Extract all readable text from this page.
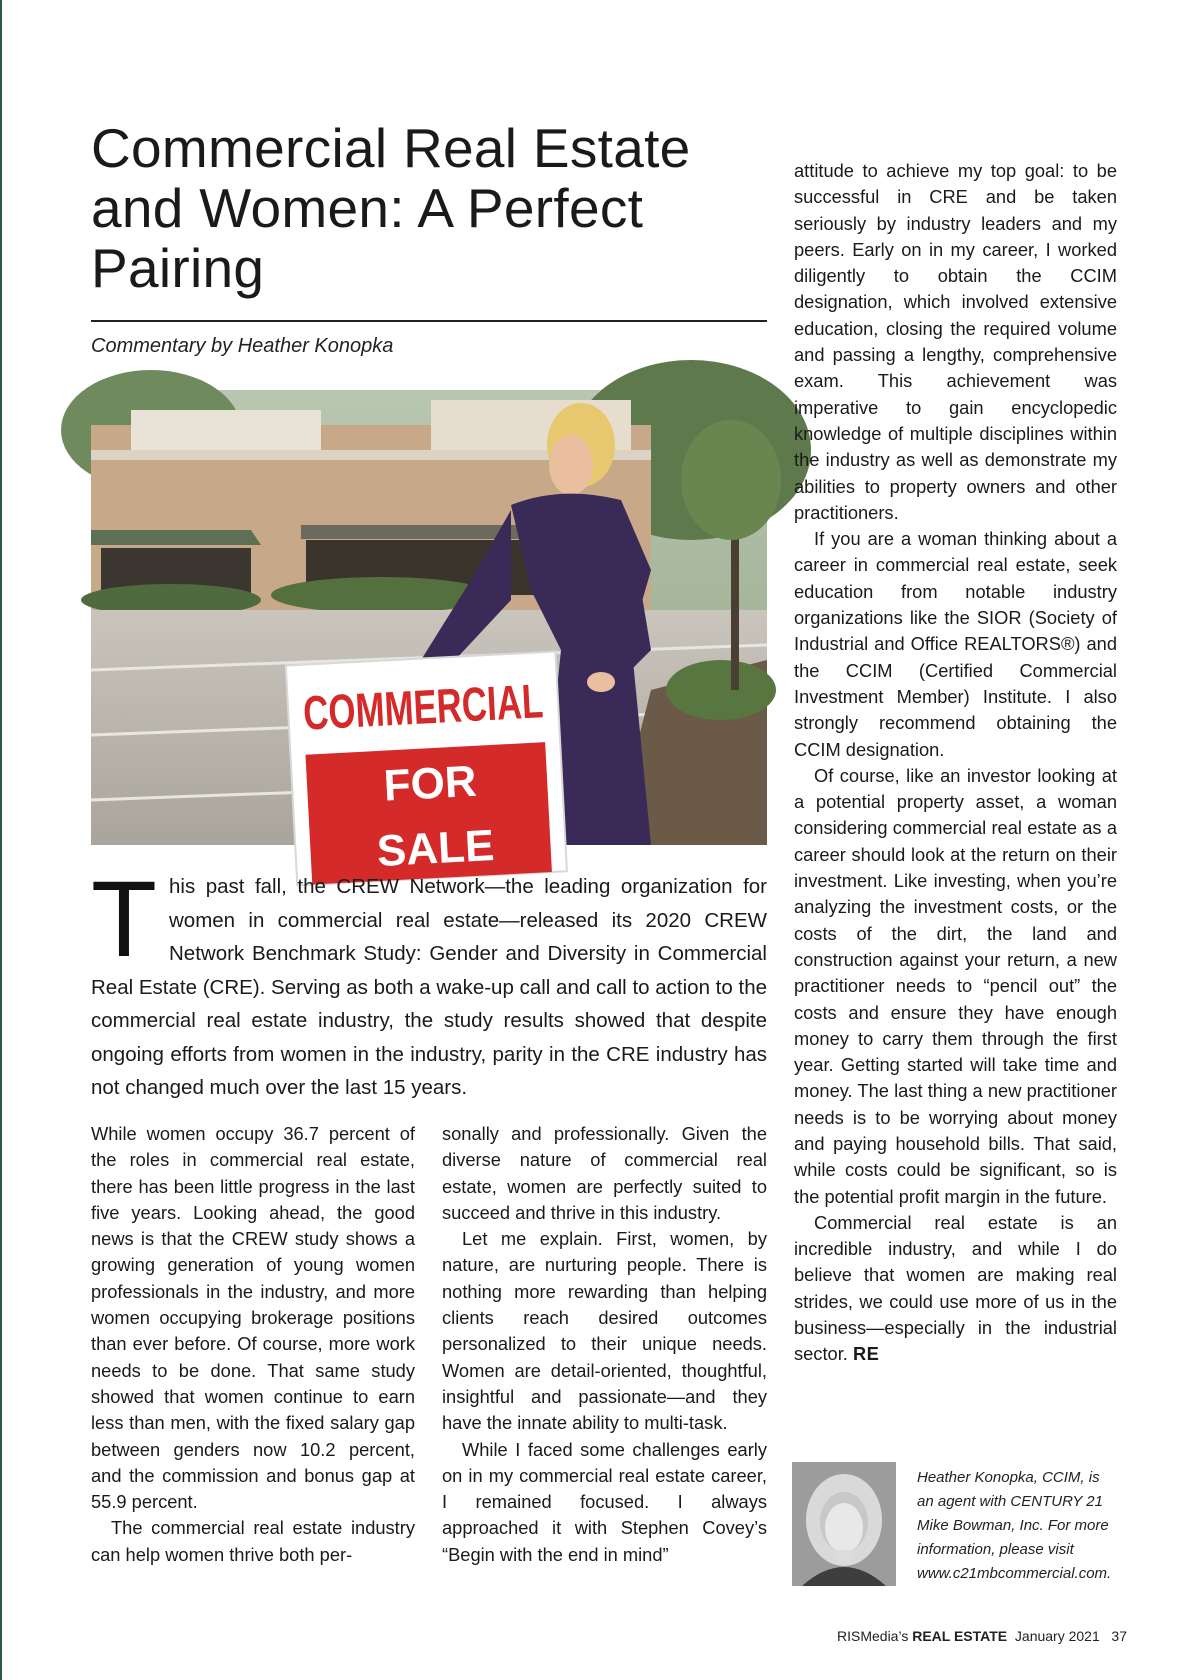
Commercial Real Estate and Women: A Perfect Pairing
Commentary by Heather Konopka
COMMERCIAL
FOR
SALE

This past fall, the CREW Network—the leading organization for women in commercial real estate—released its 2020 CREW Network Benchmark Study: Gender and Diversity in Commercial Real Estate (CRE). Serving as both a wake-up call and call to action to the commercial real estate industry, the study results showed that despite ongoing efforts from women in the industry, parity in the CRE industry has not changed much over the last 15 years.

While women occupy 36.7 percent of the roles in commercial real estate, there has been little progress in the last five years. Looking ahead, the good news is that the CREW study shows a growing generation of young women professionals in the industry, and more women occupying brokerage positions than ever before. Of course, more work needs to be done. That same study showed that women continue to earn less than men, with the fixed salary gap between genders now 10.2 percent, and the commission and bonus gap at 55.9 percent.
The commercial real estate industry can help women thrive both per-

sonally and professionally. Given the diverse nature of commercial real estate, women are perfectly suited to succeed and thrive in this industry.
Let me explain. First, women, by nature, are nurturing people. There is nothing more rewarding than helping clients reach desired outcomes personalized to their unique needs. Women are detail-oriented, thoughtful, insightful and passionate—and they have the innate ability to multi-task.
While I faced some challenges early on in my commercial real estate career, I remained focused. I always approached it with Stephen Covey’s “Begin with the end in mind”

attitude to achieve my top goal: to be successful in CRE and be taken seriously by industry leaders and my peers. Early on in my career, I worked diligently to obtain the CCIM designation, which involved extensive education, closing the required volume and passing a lengthy, comprehensive exam. This achievement was imperative to gain encyclopedic knowledge of multiple disciplines within the industry as well as demonstrate my abilities to property owners and other practitioners.
If you are a woman thinking about a career in commercial real estate, seek education from notable industry organizations like the SIOR (Society of Industrial and Office REALTORS®) and the CCIM (Certified Commercial Investment Member) Institute. I also strongly recommend obtaining the CCIM designation.
Of course, like an investor looking at a potential property asset, a woman considering commercial real estate as a career should look at the return on their investment. Like investing, when you’re analyzing the investment costs, or the costs of the dirt, the land and construction against your return, a new practitioner needs to “pencil out” the costs and ensure they have enough money to carry them through the first year. Getting started will take time and money. The last thing a new practitioner needs is to be worrying about money and paying household bills. That said, while costs could be significant, so is the potential profit margin in the future.
Commercial real estate is an incredible industry, and while I do believe that women are making real strides, we could use more of us in the business—especially in the industrial sector. RE

Heather Konopka, CCIM, is an agent with CENTURY 21 Mike Bowman, Inc. For more information, please visit www.c21mbcommercial.com.

RISMedia’s REAL ESTATE January 2021 37
